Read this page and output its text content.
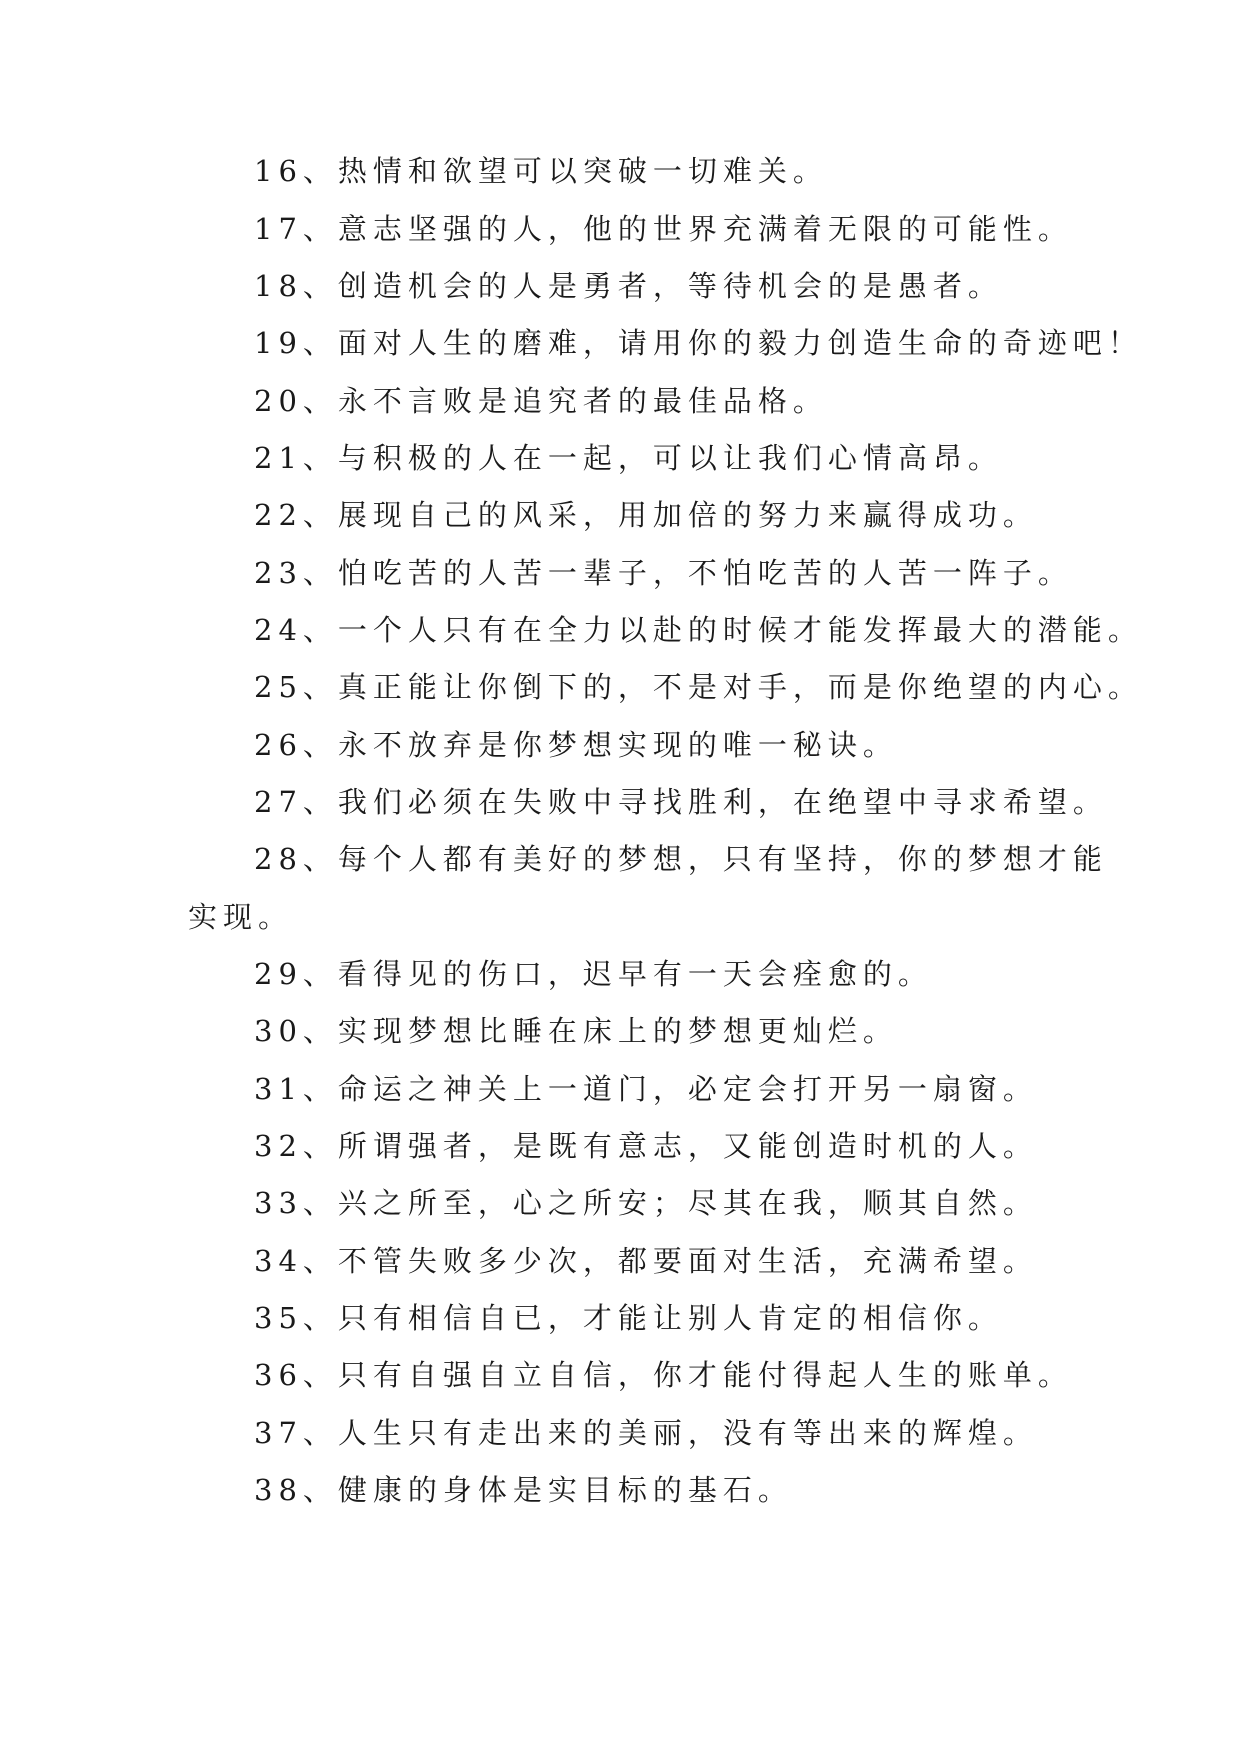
16、热情和欲望可以突破一切难关。
17、意志坚强的人，他的世界充满着无限的可能性。
18、创造机会的人是勇者，等待机会的是愚者。
19、面对人生的磨难，请用你的毅力创造生命的奇迹吧！
20、永不言败是追究者的最佳品格。
21、与积极的人在一起，可以让我们心情高昂。
22、展现自己的风采，用加倍的努力来赢得成功。
23、怕吃苦的人苦一辈子，不怕吃苦的人苦一阵子。
24、一个人只有在全力以赴的时候才能发挥最大的潜能。
25、真正能让你倒下的，不是对手，而是你绝望的内心。
26、永不放弃是你梦想实现的唯一秘诀。
27、我们必须在失败中寻找胜利，在绝望中寻求希望。
28、每个人都有美好的梦想，只有坚持，你的梦想才能
实现。
29、看得见的伤口，迟早有一天会痊愈的。
30、实现梦想比睡在床上的梦想更灿烂。
31、命运之神关上一道门，必定会打开另一扇窗。
32、所谓强者，是既有意志，又能创造时机的人。
33、兴之所至，心之所安；尽其在我，顺其自然。
34、不管失败多少次，都要面对生活，充满希望。
35、只有相信自已，才能让别人肯定的相信你。
36、只有自强自立自信，你才能付得起人生的账单。
37、人生只有走出来的美丽，没有等出来的辉煌。
38、健康的身体是实目标的基石。
